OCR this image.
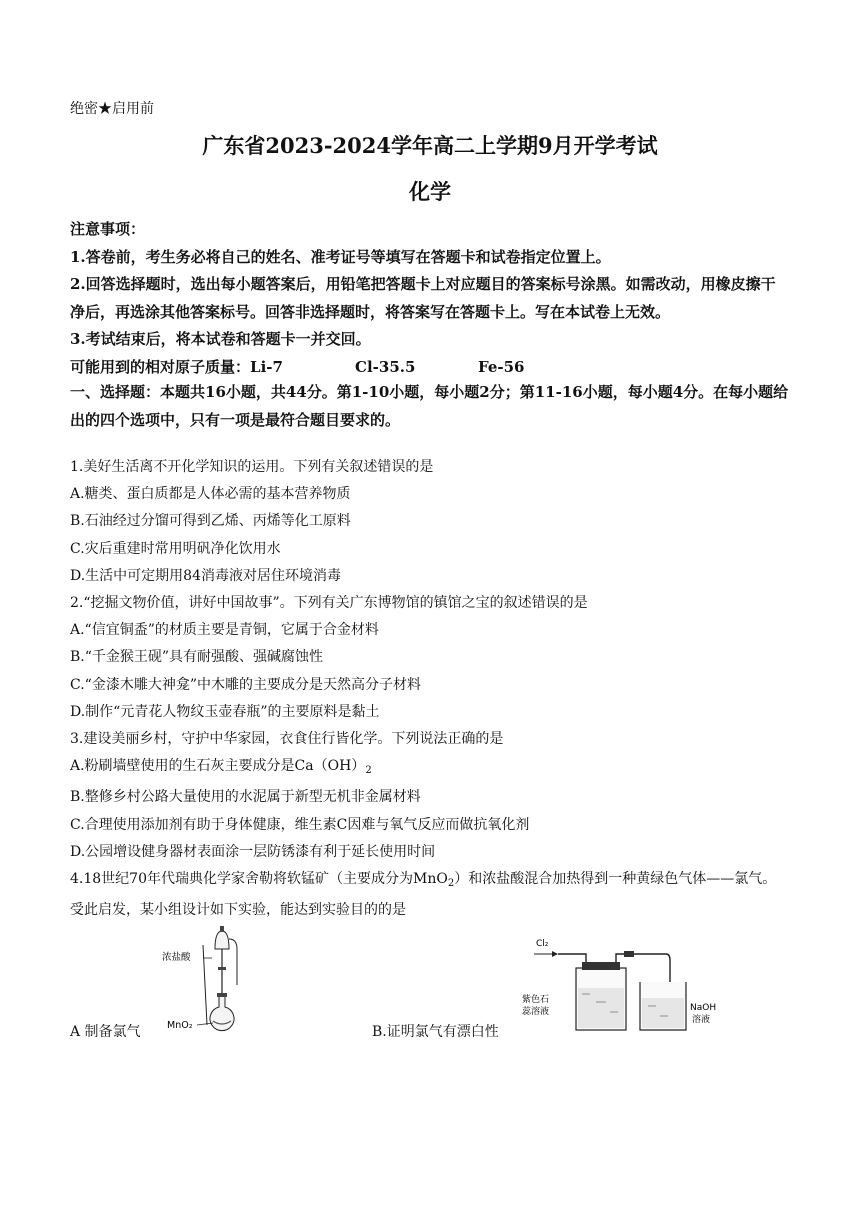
绝密★启用前
广东省2023-2024学年高二上学期9月开学考试
化学

注意事项：

1.答卷前，考生务必将自己的姓名、准考证号等填写在答题卡和试卷指定位置上。

2.回答选择题时，选出每小题答案后，用铅笔把答题卡上对应题目的答案标号涂黑。如需改动，用橡皮擦干净后，再选涂其他答案标号。回答非选择题时，将答案写在答题卡上。写在本试卷上无效。

3.考试结束后，将本试卷和答题卡一并交回。

可能用到的相对原子质量： Li-7	Cl-35.5	Fe-56

一、选择题：本题共16小题，共44分。第1-10小题，每小题2分；第11-16小题，每小题4分。在每小题给出的四个选项中，只有一项是最符合题目要求的。

1.美好生活离不开化学知识的运用。下列有关叙述错误的是

A.糖类、蛋白质都是人体必需的基本营养物质

B.石油经过分馏可得到乙烯、丙烯等化工原料

C.灾后重建时常用明矾净化饮用水

D.生活中可定期用84消毒液对居住环境消毒

2.“挖掘文物价值，讲好中国故事”。下列有关广东博物馆的镇馆之宝的叙述错误的是

A.“信宜铜盉”的材质主要是青铜，它属于合金材料

B.“千金猴王砚”具有耐强酸、强碱腐蚀性

C.“金漆木雕大神龛”中木雕的主要成分是天然高分子材料

D.制作“元青花人物纹玉壶春瓶”的主要原料是黏土

3.建设美丽乡村，守护中华家园，衣食住行皆化学。下列说法正确的是

A.粉刷墙壁使用的生石灰主要成分是$Ca(OH)_2$

B.整修乡村公路大量使用的水泥属于新型无机非金属材料

C.合理使用添加剂有助于身体健康，维生素C因难与氧气反应而做抗氧化剂

D.公园增设健身器材表面涂一层防锈漆有利于延长使用时间

4.18世纪70年代瑞典化学家舍勒将软锰矿（主要成分为MnO$_2$）和浓盐酸混合加热得到一种黄绿色气体——氯气。受此启发，某小组设计如下实验，能达到实验目的的是

A 制备氯气
浓盐酸
MnO₂	B.证明氯气有漂白性
Cl₂
紫色石
蕊溶液	NaOH
溶液
